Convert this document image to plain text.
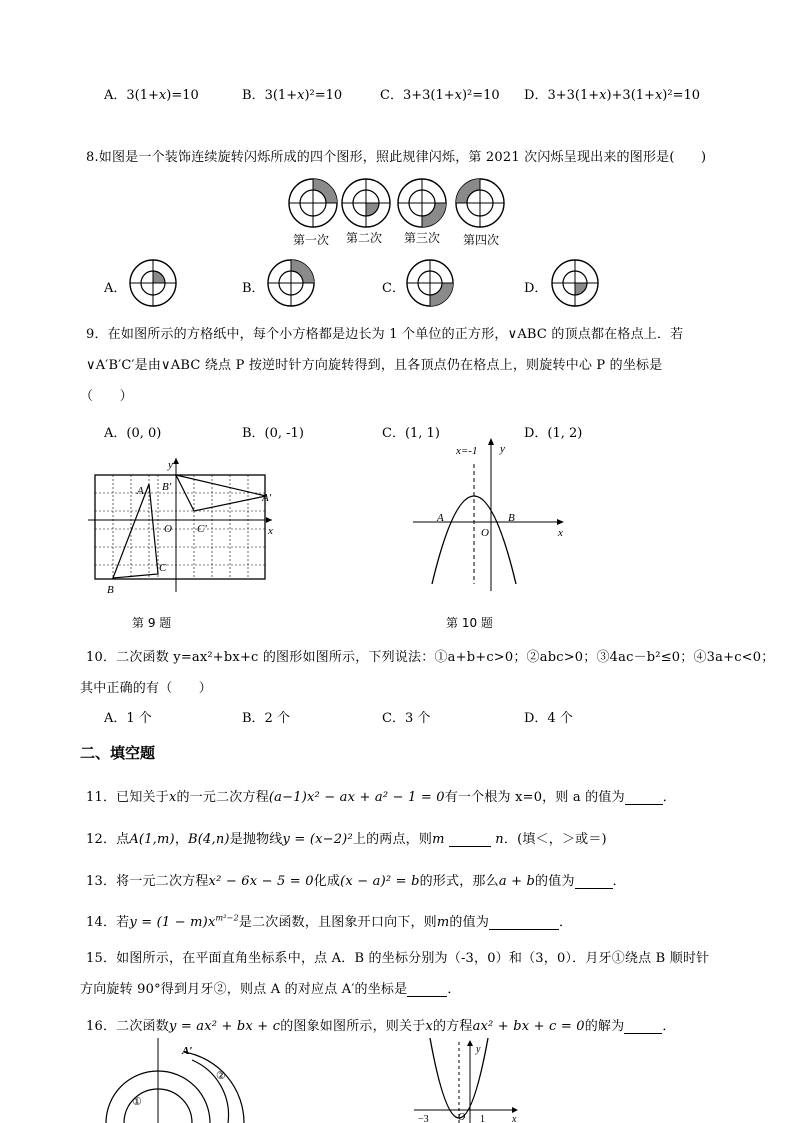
A．3(1+x)=10	B．3(1+x)²=10	C．3+3(1+x)²=10 D．3+3(1+x)+3(1+x)²=10
8.如图是一个装饰连续旋转闪烁所成的四个图形，照此规律闪烁，第 2021 次闪烁呈现出来的图形是(　　)
第一次 第二次 第三次 第四次
A．	B．	C．	D．
9．在如图所示的方格纸中，每个小方格都是边长为 1 个单位的正方形，∨ABC 的顶点都在格点上．若
∨A′B′C′是由∨ABC 绕点 P 按逆时针方向旋转得到，且各顶点仍在格点上，则旋转中心 P 的坐标是
（　　）
A．(0, 0)	B．(0, -1)	C．(1, 1)	D．(1, 2)
y
x
O
A
B
C
A′
B′
C′
第 9 题
x=-1 y
x
O
A	B
第 10 题
10．二次函数 y=ax²+bx+c 的图形如图所示，下列说法：①a+b+c>0；②abc>0；③4ac－b²≤0；④3a+c<0；
其中正确的有（　　）
A．1 个	B．2 个	C．3 个	D．4 个
二、填空题
11．已知关于x的一元二次方程(a−1)x² − ax + a² − 1 = 0有一个根为 x=0，则 a 的值为	．
12．点A(1,m)，B(4,n)是抛物线y = (x−2)²上的两点，则m	n．(填＜，＞或＝)
13．将一元二次方程x² − 6x − 5 = 0化成(x − a)² = b的形式，那么a + b的值为	．
14．若$y = (1 - m)x^{m^2-2}$是二次函数，且图象开口向下，则m的值为	．
15．如图所示，在平面直角坐标系中，点 A．B 的坐标分别为（-3，0）和（3，0）．月牙①绕点 B 顺时针
方向旋转 90°得到月牙②，则点 A 的对应点 A′的坐标是	．
16．二次函数y = ax² + bx + c的图象如图所示，则关于x的方程ax² + bx + c = 0的解为	．
A′
①
②
y
O
−3	1	x
